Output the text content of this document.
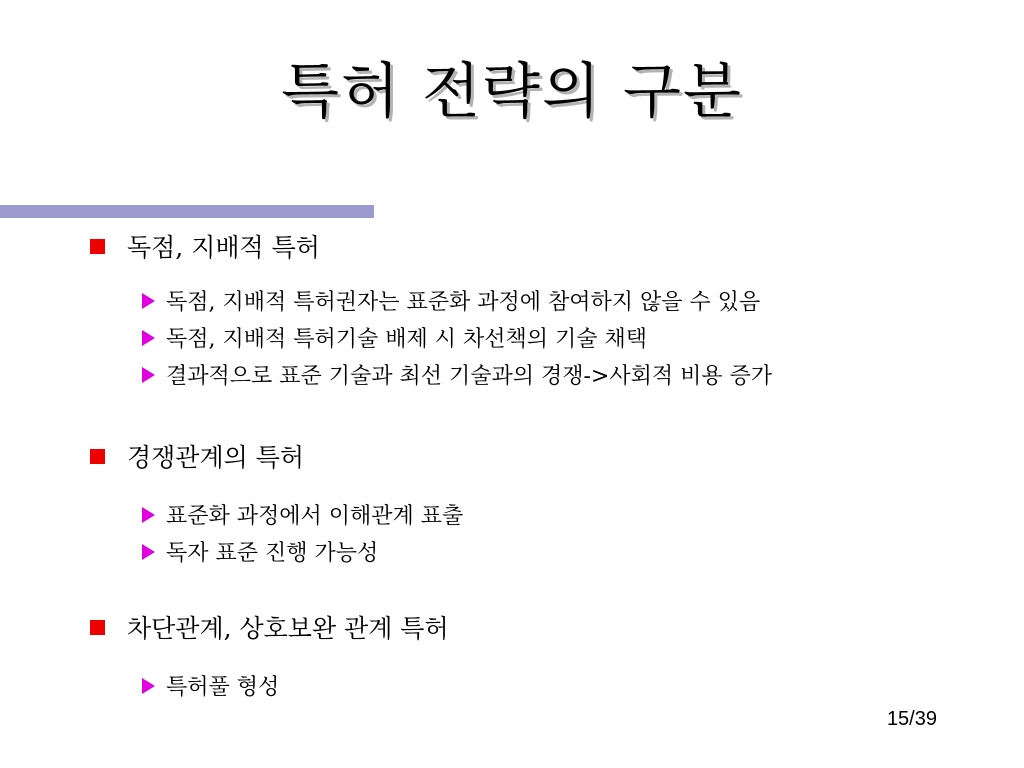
특허 전략의 구분
독점, 지배적 특허
독점, 지배적 특허권자는 표준화 과정에 참여하지 않을 수 있음
독점, 지배적 특허기술 배제 시 차선책의 기술 채택
결과적으로 표준 기술과 최선 기술과의 경쟁->사회적 비용 증가
경쟁관계의 특허
표준화 과정에서 이해관계 표출
독자 표준 진행 가능성
차단관계, 상호보완 관계 특허
특허풀 형성
15/39
